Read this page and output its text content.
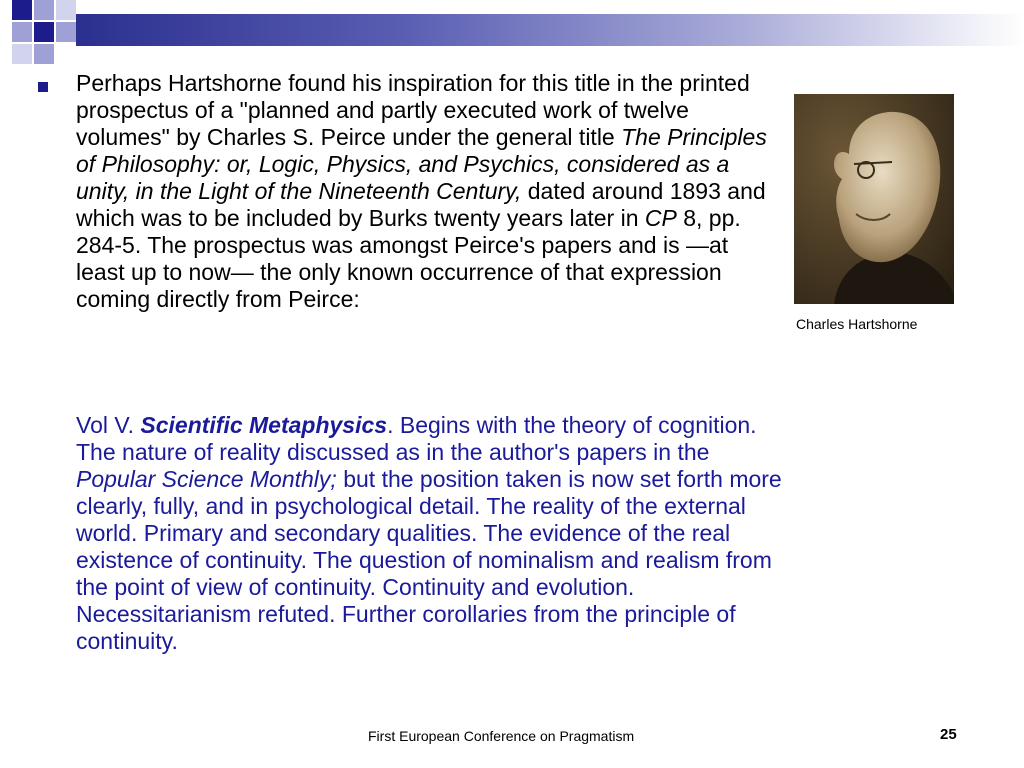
Perhaps Hartshorne found his inspiration for this title in the printed prospectus of a "planned and partly executed work of twelve volumes" by Charles S. Peirce under the general title The Principles of Philosophy: or, Logic, Physics, and Psychics, considered as a unity, in the Light of the Nineteenth Century, dated around 1893 and which was to be included by Burks twenty years later in CP 8, pp. 284-5. The prospectus was amongst Peirce's papers and is —at least up to now— the only known occurrence of that expression coming directly from Peirce:
Vol V. Scientific Metaphysics. Begins with the theory of cognition. The nature of reality discussed as in the author's papers in the Popular Science Monthly; but the position taken is now set forth more clearly, fully, and in psychological detail. The reality of the external world. Primary and secondary qualities. The evidence of the real existence of continuity. The question of nominalism and realism from the point of view of continuity. Continuity and evolution. Necessitarianism refuted. Further corollaries from the principle of continuity.
Charles Hartshorne
First European Conference on Pragmatism	25
